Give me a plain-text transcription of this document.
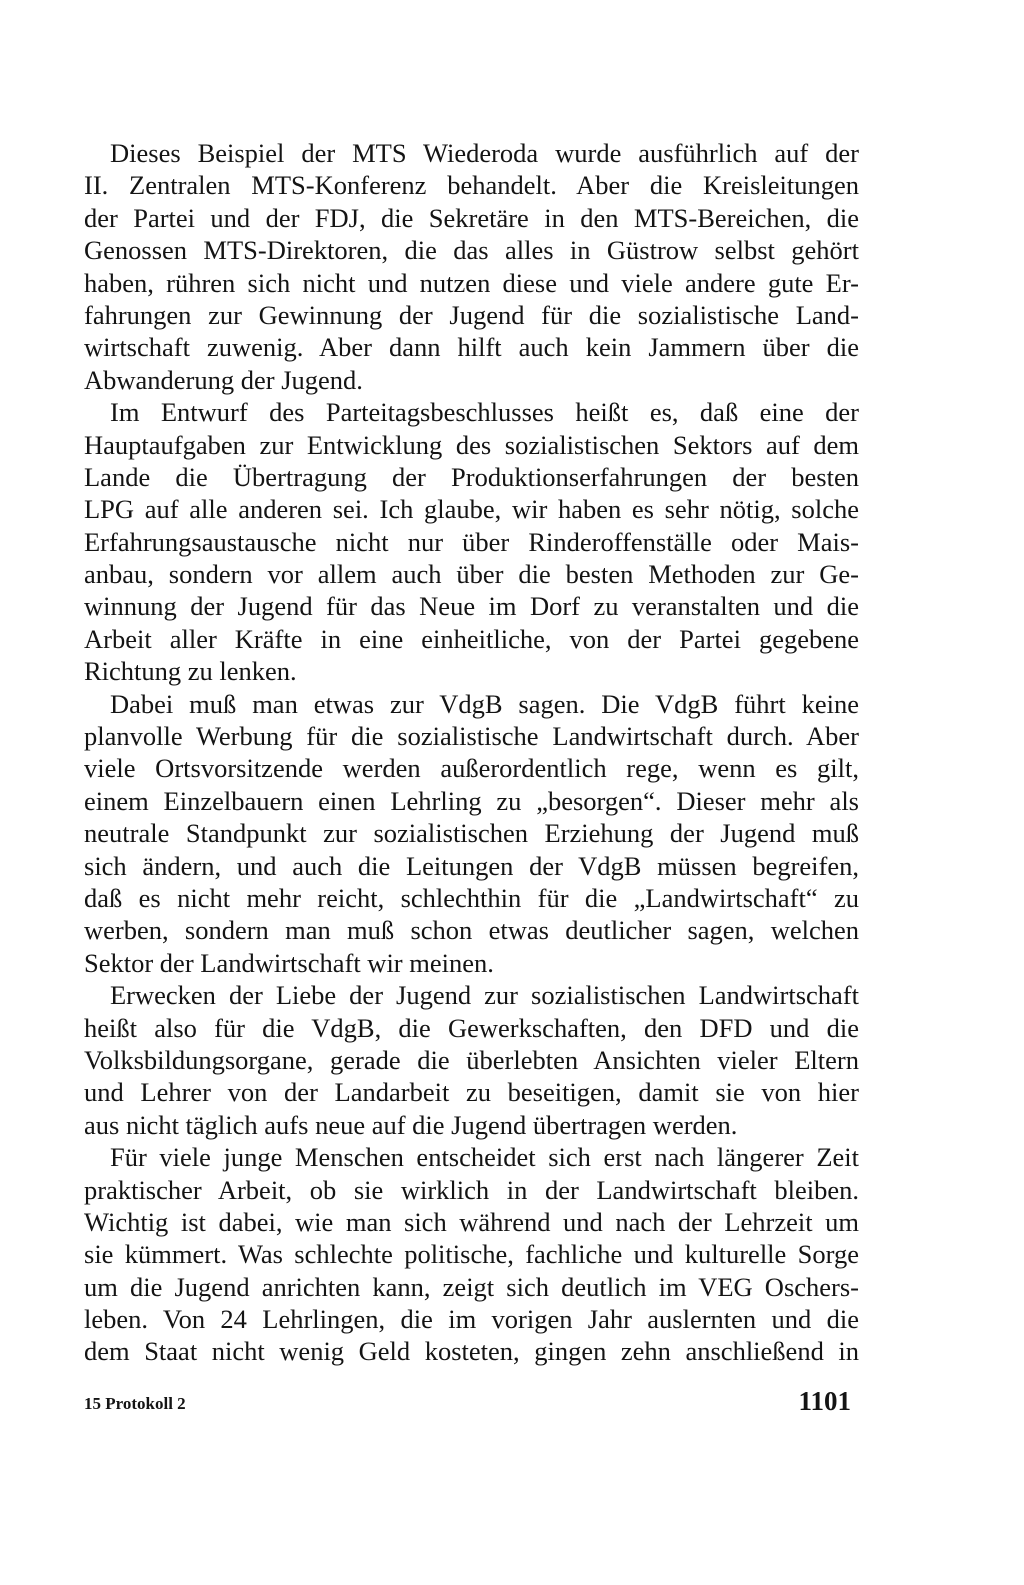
Dieses Beispiel der MTS Wiederoda wurde ausführlich auf der
II. Zentralen MTS-Konferenz behandelt. Aber die Kreisleitungen
der Partei und der FDJ, die Sekretäre in den MTS-Bereichen, die
Genossen MTS-Direktoren, die das alles in Güstrow selbst gehört
haben, rühren sich nicht und nutzen diese und viele andere gute Er-
fahrungen zur Gewinnung der Jugend für die sozialistische Land-
wirtschaft zuwenig. Aber dann hilft auch kein Jammern über die
Abwanderung der Jugend.
Im Entwurf des Parteitagsbeschlusses heißt es, daß eine der
Hauptaufgaben zur Entwicklung des sozialistischen Sektors auf dem
Lande die Übertragung der Produktionserfahrungen der besten
LPG auf alle anderen sei. Ich glaube, wir haben es sehr nötig, solche
Erfahrungsaustausche nicht nur über Rinderoffenställe oder Mais-
anbau, sondern vor allem auch über die besten Methoden zur Ge-
winnung der Jugend für das Neue im Dorf zu veranstalten und die
Arbeit aller Kräfte in eine einheitliche, von der Partei gegebene
Richtung zu lenken.
Dabei muß man etwas zur VdgB sagen. Die VdgB führt keine
planvolle Werbung für die sozialistische Landwirtschaft durch. Aber
viele Ortsvorsitzende werden außerordentlich rege, wenn es gilt,
einem Einzelbauern einen Lehrling zu „besorgen“. Dieser mehr als
neutrale Standpunkt zur sozialistischen Erziehung der Jugend muß
sich ändern, und auch die Leitungen der VdgB müssen begreifen,
daß es nicht mehr reicht, schlechthin für die „Landwirtschaft“ zu
werben, sondern man muß schon etwas deutlicher sagen, welchen
Sektor der Landwirtschaft wir meinen.
Erwecken der Liebe der Jugend zur sozialistischen Landwirtschaft
heißt also für die VdgB, die Gewerkschaften, den DFD und die
Volksbildungsorgane, gerade die überlebten Ansichten vieler Eltern
und Lehrer von der Landarbeit zu beseitigen, damit sie von hier
aus nicht täglich aufs neue auf die Jugend übertragen werden.
Für viele junge Menschen entscheidet sich erst nach längerer Zeit
praktischer Arbeit, ob sie wirklich in der Landwirtschaft bleiben.
Wichtig ist dabei, wie man sich während und nach der Lehrzeit um
sie kümmert. Was schlechte politische, fachliche und kulturelle Sorge
um die Jugend anrichten kann, zeigt sich deutlich im VEG Oschers-
leben. Von 24 Lehrlingen, die im vorigen Jahr auslernten und die
dem Staat nicht wenig Geld kosteten, gingen zehn anschließend in
15 Protokoll 2	1101
